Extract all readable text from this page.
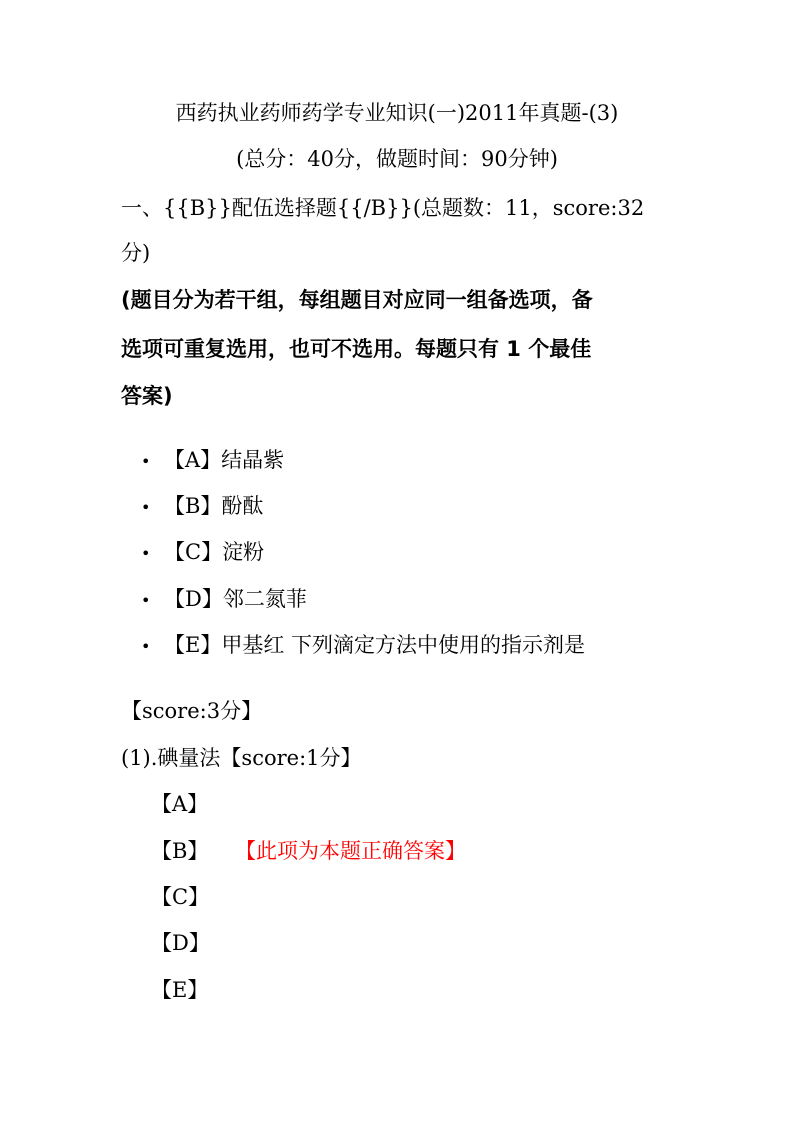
西药执业药师药学专业知识(一)2011年真题-(3)
(总分：40分，做题时间：90分钟)
一、{{B}}配伍选择题{{/B}}(总题数：11，score:32
分)
(题目分为若干组，每组题目对应同一组备选项，备
选项可重复选用，也可不选用。每题只有 1 个最佳
答案)
• 【A】结晶紫
• 【B】酚酞
• 【C】淀粉
• 【D】邻二氮菲
• 【E】甲基红 下列滴定方法中使用的指示剂是
【score:3分】
(1).碘量法【score:1分】
【A】
【B】 【此项为本题正确答案】
【C】
【D】
【E】
